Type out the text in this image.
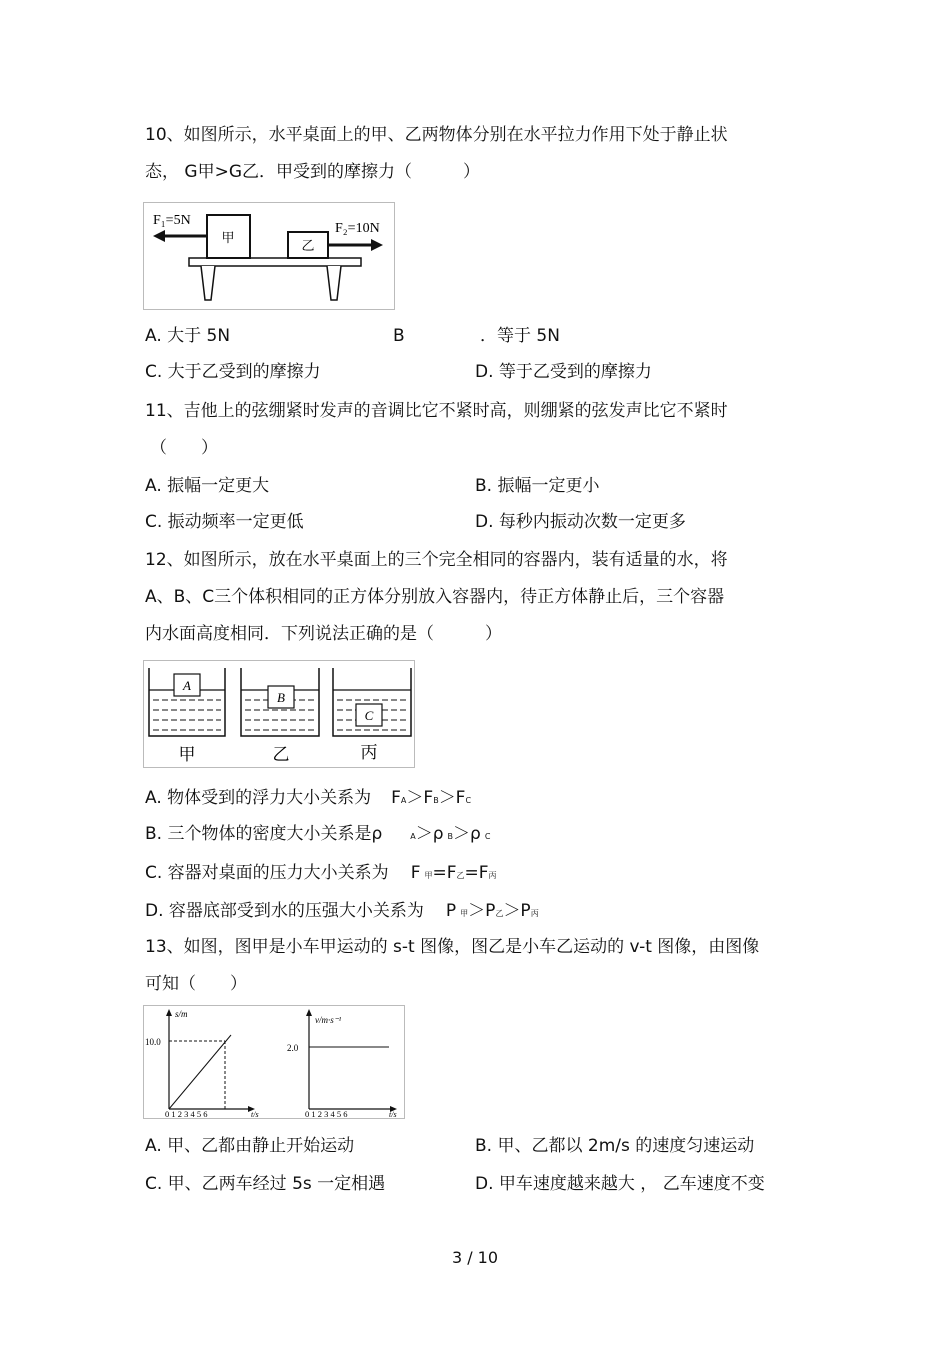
10、如图所示，水平桌面上的甲、乙两物体分别在水平拉力作用下处于静止状
态， G甲>G乙．甲受到的摩擦力（　　　）
甲
乙
F₁=5N
F₂=10N
A. 大于 5N	B	．等于 5N
C. 大于乙受到的摩擦力	D. 等于乙受到的摩擦力
11、吉他上的弦绷紧时发声的音调比它不紧时高，则绷紧的弦发声比它不紧时
（　　）
A. 振幅一定更大	B. 振幅一定更小
C. 振动频率一定更低	D. 每秒内振动次数一定更多
12、如图所示，放在水平桌面上的三个完全相同的容器内，装有适量的水，将
A、B、C三个体积相同的正方体分别放入容器内，待正方体静止后，三个容器
内水面高度相同．下列说法正确的是（　　　）
A
B
C
甲	乙	丙
A. 物体受到的浮力大小关系为 FA＞FB＞FC
B. 三个物体的密度大小关系是ρ	A＞ρ B＞ρ C
C. 容器对桌面的压力大小关系为 F 甲=F乙=F丙
D. 容器底部受到水的压强大小关系为 P 甲＞P乙＞P丙
13、如图，图甲是小车甲运动的 s-t 图像，图乙是小车乙运动的 v-t 图像，由图像
可知（　　）
s/m
10.0
0 1 2 3 4 5 6	t/s
v/m·s⁻¹
2.0
0 1 2 3 4 5 6	t/s
A. 甲、乙都由静止开始运动	B. 甲、乙都以 2m/s 的速度匀速运动
C. 甲、乙两车经过 5s 一定相遇	D. 甲车速度越来越大 ， 乙车速度不变
3 / 10
